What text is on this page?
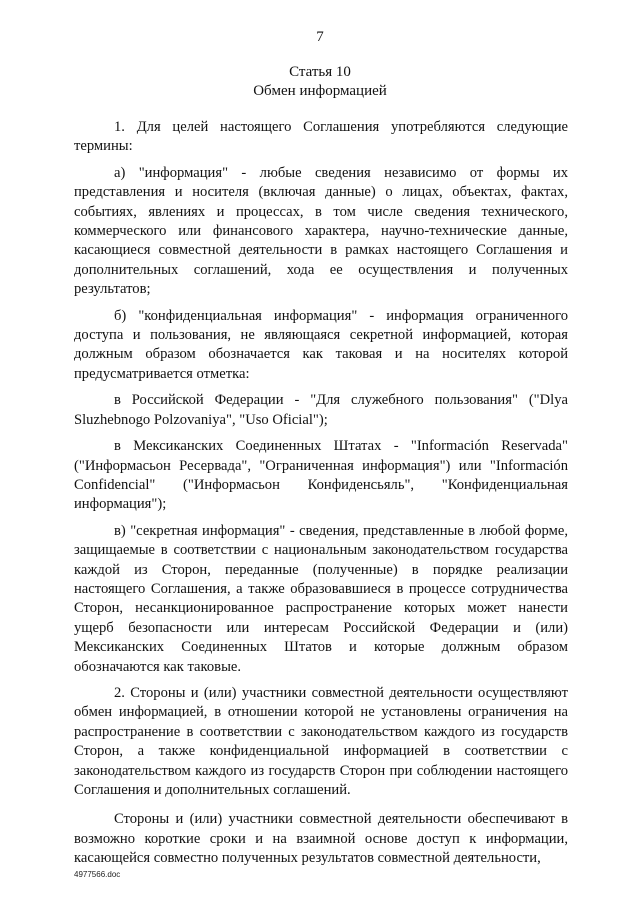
7
Статья 10
Обмен информацией

1. Для целей настоящего Соглашения употребляются следующие термины:

а) "информация" - любые сведения независимо от формы их представления и носителя (включая данные) о лицах, объектах, фактах, событиях, явлениях и процессах, в том числе сведения технического, коммерческого или финансового характера, научно-технические данные, касающиеся совместной деятельности в рамках настоящего Соглашения и дополнительных соглашений, хода ее осуществления и полученных результатов;

б) "конфиденциальная информация" - информация ограниченного доступа и пользования, не являющаяся секретной информацией, которая должным образом обозначается как таковая и на носителях которой предусматривается отметка:

в Российской Федерации - "Для служебного пользования" ("Dlya Sluzhebnogo Polzovaniya", "Uso Oficial");

в Мексиканских Соединенных Штатах - "Información Reservada" ("Информасьон Ресервада", "Ограниченная информация") или "Información Confidencial" ("Информасьон Конфиденсьяль", "Конфиденциальная информация");

в) "секретная информация" - сведения, представленные в любой форме, защищаемые в соответствии с национальным законодательством государства каждой из Сторон, переданные (полученные) в порядке реализации настоящего Соглашения, а также образовавшиеся в процессе сотрудничества Сторон, несанкционированное распространение которых может нанести ущерб безопасности или интересам Российской Федерации и (или) Мексиканских Соединенных Штатов и которые должным образом обозначаются как таковые.

2. Стороны и (или) участники совместной деятельности осуществляют обмен информацией, в отношении которой не установлены ограничения на распространение в соответствии с законодательством каждого из государств Сторон, а также конфиденциальной информацией в соответствии с законодательством каждого из государств Сторон при соблюдении настоящего Соглашения и дополнительных соглашений.

Стороны и (или) участники совместной деятельности обеспечивают в возможно короткие сроки и на взаимной основе доступ к информации, касающейся совместно полученных результатов совместной деятельности,

4977566.doc
